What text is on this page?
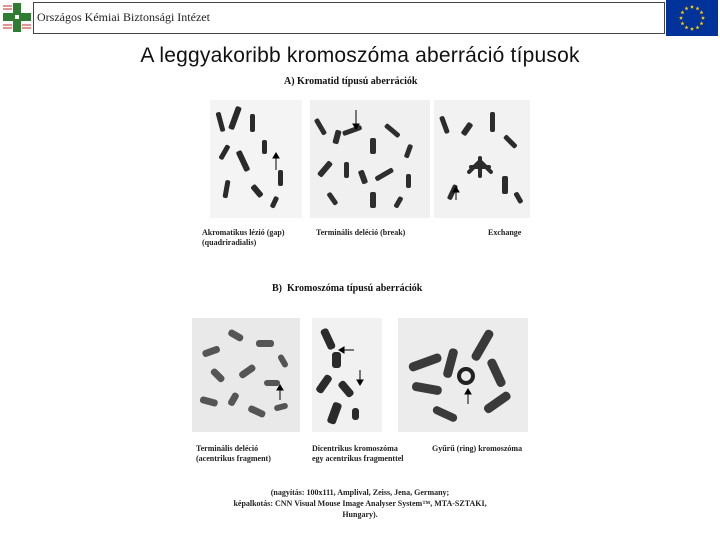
Országos Kémiai Biztonsági Intézet
A leggyakoribb kromoszóma aberráció típusok
A) Kromatid típusú aberrációk
Akromatikus lézió (gap)
(quadriradialis)
Terminális deléció (break)	Exchange
B) Kromoszóma típusú aberrációk
Terminális deléció
(acentrikus fragment)
Dicentrikus kromoszóma
egy acentrikus fragmenttel
Gyűrű (ring) kromoszóma
(nagyítás: 100x111, Amplival, Zeiss, Jena, Germany;
képalkotás: CNN Visual Mouse Image Analyser System™, MTA-SZTAKI,
Hungary).
